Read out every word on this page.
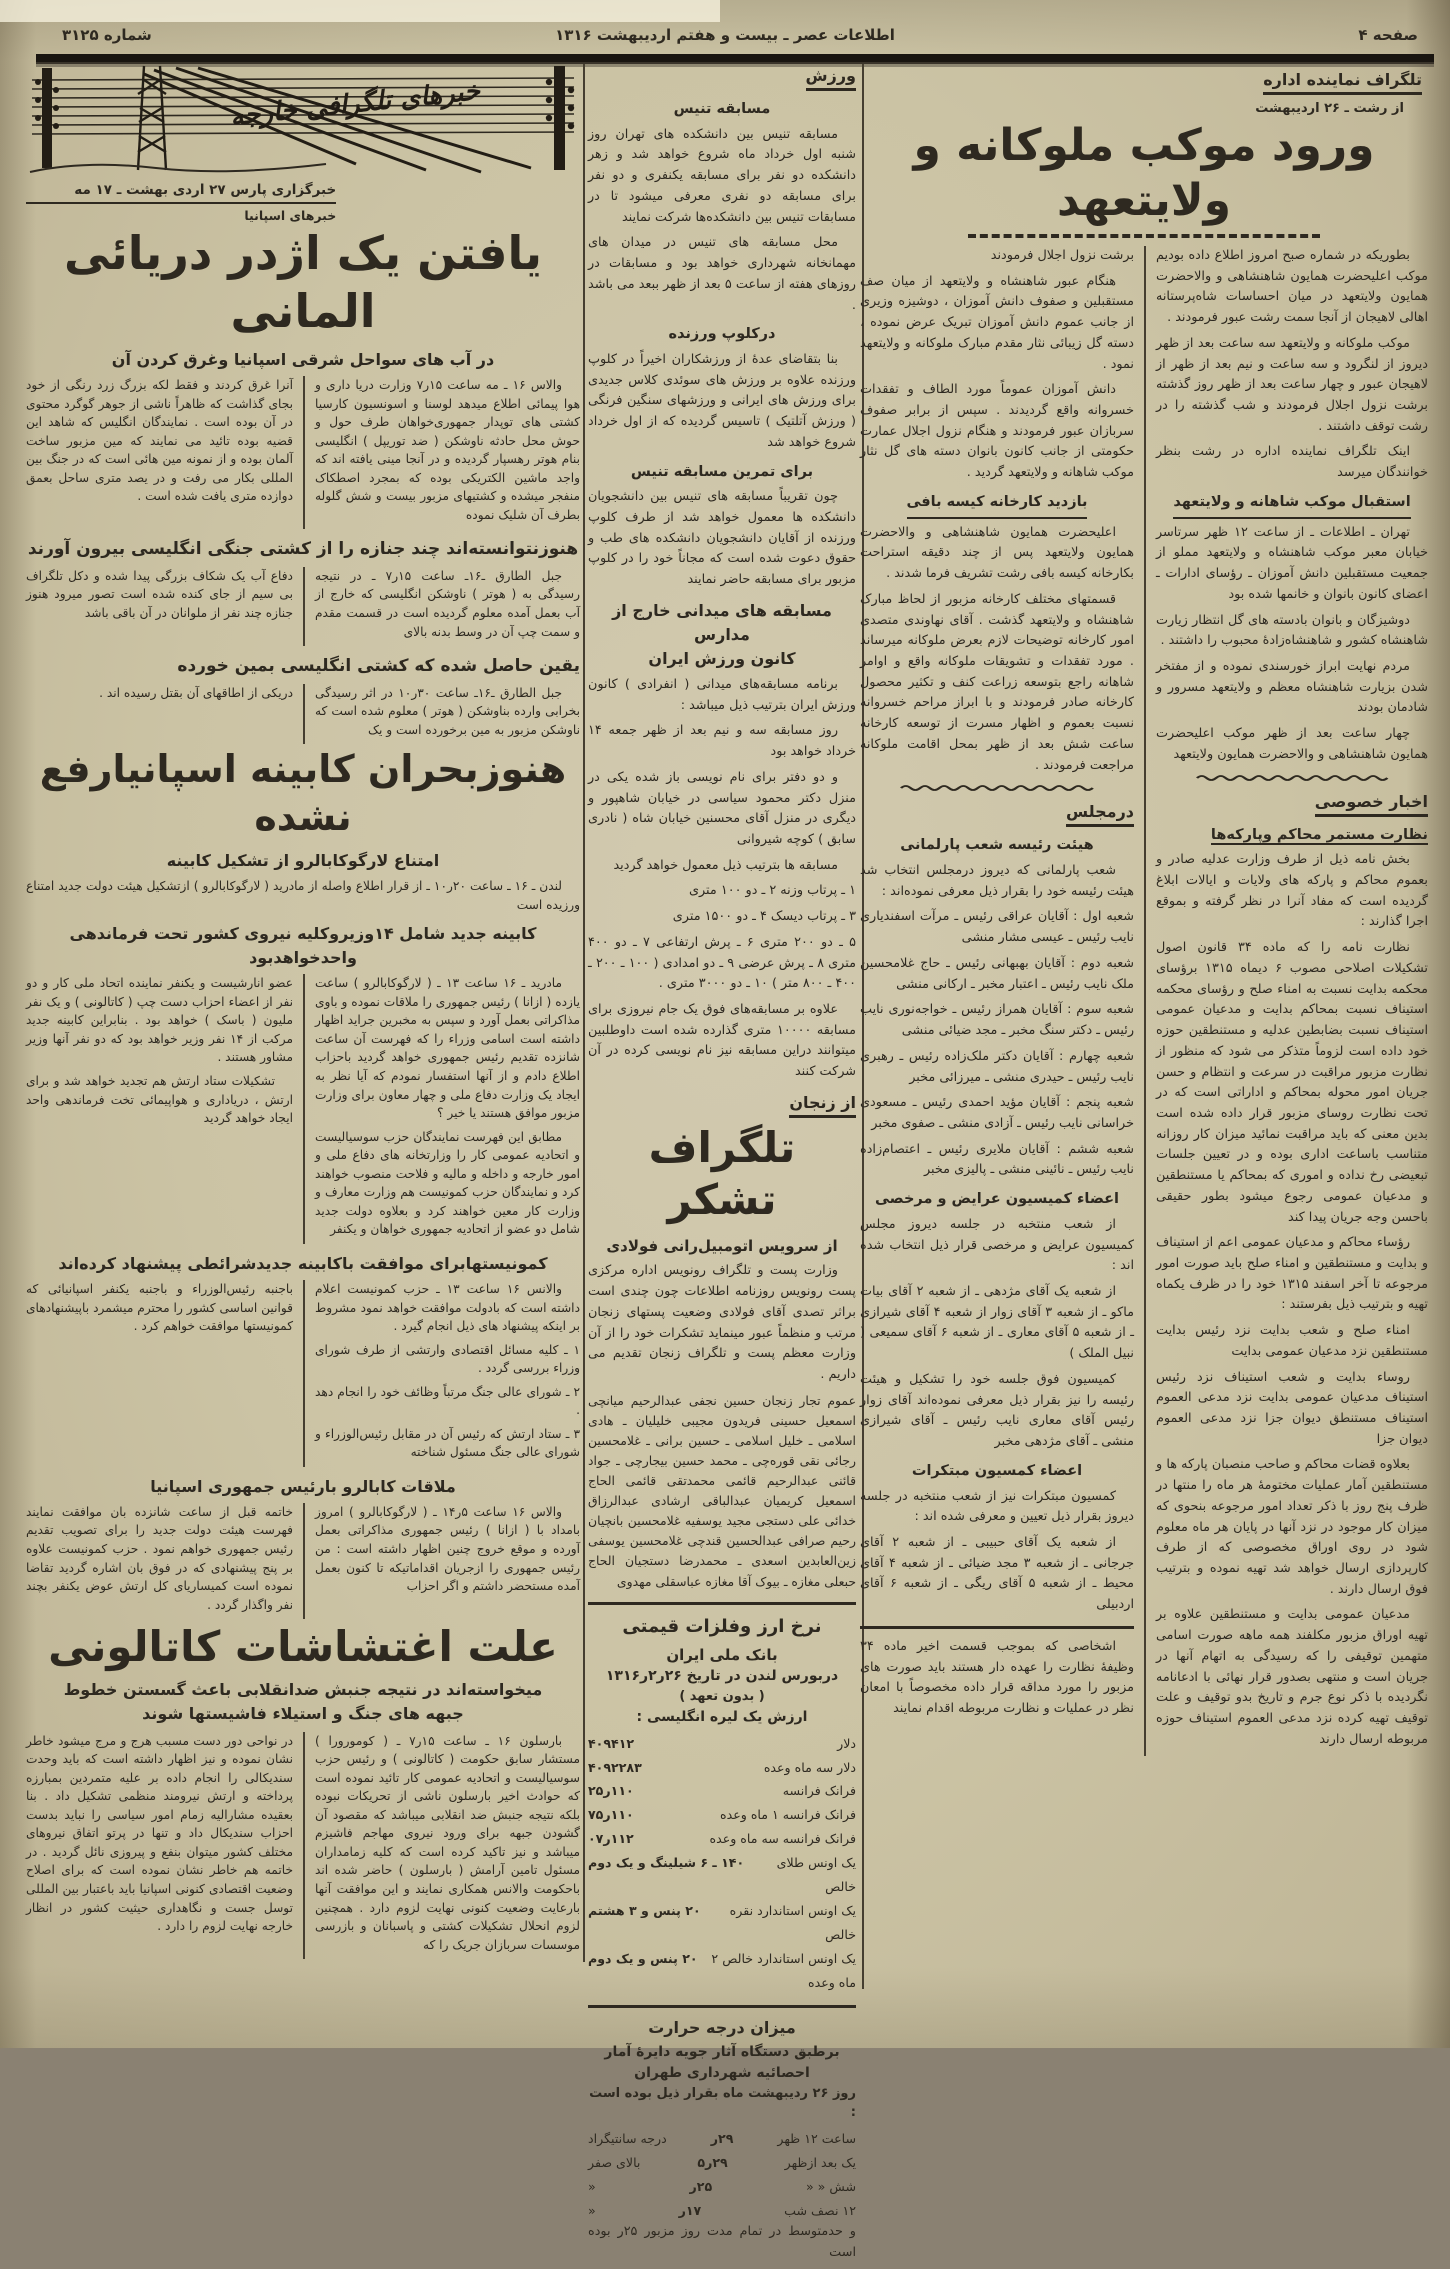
صفحه ۴
اطلاعات عصر ـ بیست و هفتم اردیبهشت ۱۳۱۶
شماره ۳۱۲۵
تلگراف نماینده اداره
از رشت ـ ۲۶ اردیبهشت
ورود موکب ملوکانه و ولایتعهد

بطوریکه در شماره صبح امروز اطلاع داده بودیم موکب اعلیحضرت همایون شاهنشاهی و والاحضرت همایون ولایتعهد در میان احساسات شاه‌پرستانه اهالی لاهیجان از آنجا سمت رشت عبور فرمودند .

موکب ملوکانه و ولایتعهد سه ساعت بعد از ظهر دیروز از لنگرود و سه ساعت و نیم بعد از ظهر از لاهیجان عبور و چهار ساعت بعد از ظهر روز گذشته برشت نزول اجلال فرمودند و شب گذشته را در رشت توقف داشتند .

اینک تلگراف نماینده اداره در رشت بنظر خوانندگان میرسد

استقبال موکب شاهانه و ولایتعهد

تهران ـ اطلاعات ـ از ساعت ۱۲ ظهر سرتاسر خیابان معبر موکب شاهنشاه و ولایتعهد مملو از جمعیت مستقبلین دانش آموزان ـ رؤسای ادارات ـ اعضای کانون بانوان و خانمها شده بود

دوشیزگان و بانوان بادسته های گل انتظار زیارت شاهنشاه کشور و شاهنشاه‌زادهٔ محبوب را داشتند .

مردم نهایت ابراز خورسندی نموده و از مفتخر شدن بزیارت شاهنشاه معظم و ولایتعهد مسرور و شادمان بودند

چهار ساعت بعد از ظهر موکب اعلیحضرت همایون شاهنشاهی و والاحضرت همایون ولایتعهد

اخبار خصوصی
نظارت مستمر محاکم وپارکه‌ها

بخش نامه ذیل از طرف وزارت عدلیه صادر و بعموم محاکم و پارکه های ولایات و ایالات ابلاغ گردیده است که مفاد آنرا در نظر گرفته و بموقع اجرا گذارند :

نظارت نامه را که ماده ۳۴ قانون اصول تشکیلات اصلاحی مصوب ۶ دیماه ۱۳۱۵ برؤسای محکمه بدایت نسبت به امناء صلح و رؤسای محکمه استیناف نسبت بمحاکم بدایت و مدعیان عمومی استیناف نسبت بضابطین عدلیه و مستنطقین حوزه خود داده است لزوماً متذکر می شود که منظور از نظارت مزبور مراقبت در سرعت و انتظام و حسن جریان امور محوله بمحاکم و اداراتی است که در تحت نظارت روسای مزبور قرار داده شده است بدین معنی که باید مراقبت نمائید میزان کار روزانه متناسب باساعت اداری بوده و در تعیین جلسات تبعیضی رخ نداده و اموری که بمحاکم یا مستنطقین و مدعیان عمومی رجوع میشود بطور حقیقی باحسن وجه جریان پیدا کند

رؤساء محاکم و مدعیان عمومی اعم از استیناف و بدایت و مستنطقین و امناء صلح باید صورت امور مرجوعه تا آخر اسفند ۱۳۱۵ خود را در ظرف یکماه تهیه و بترتیب ذیل بفرستند :

امناء صلح و شعب بدایت نزد رئیس بدایت مستنطقین نزد مدعیان عمومی بدایت

روساء بدایت و شعب استیناف نزد رئیس استیناف مدعیان عمومی بدایت نزد مدعی العموم استیناف مستنطق دیوان جزا نزد مدعی العموم دیوان جزا

بعلاوه قضات محاکم و صاحب منصبان پارکه ها و مستنطقین آمار عملیات مختومهٔ هر ماه را منتها در ظرف پنج روز با ذکر تعداد امور مرجوعه بنحوی که میزان کار موجود در نزد آنها در پایان هر ماه معلوم شود در روی اوراق مخصوصی که از طرف کارپردازی ارسال خواهد شد تهیه نموده و بترتیب فوق ارسال دارند .

مدعیان عمومی بدایت و مستنطقین علاوه بر تهیه اوراق مزبور مکلفند همه ماهه صورت اسامی متهمین توقیفی را که رسیدگی به اتهام آنها در جریان است و منتهی بصدور قرار نهائی با ادعانامه نگردیده با ذکر نوع جرم و تاریخ بدو توقیف و علت توقیف تهیه کرده نزد مدعی العموم استیناف حوزه مربوطه ارسال دارند

برشت نزول اجلال فرمودند

هنگام عبور شاهنشاه و ولایتعهد از میان صف مستقبلین و صفوف دانش آموزان ، دوشیزه وزیری از جانب عموم دانش آموزان تبریک عرض نموده ، دسته گل زیبائی نثار مقدم مبارک ملوکانه و ولایتعهد نمود .

دانش آموزان عموماً مورد الطاف و تفقدات خسروانه واقع گردیدند . سپس از برابر صفوف سربازان عبور فرمودند و هنگام نزول اجلال عمارت حکومتی از جانب کانون بانوان دسته های گل نثار موکب شاهانه و ولایتعهد گردید .

بازدید کارخانه کیسه بافی

اعلیحضرت همایون شاهنشاهی و والاحضرت همایون ولایتعهد پس از چند دقیقه استراحت بکارخانه کیسه بافی رشت تشریف فرما شدند .

قسمتهای مختلف کارخانه مزبور از لحاظ مبارک شاهنشاه و ولایتعهد گذشت . آقای نهاوندی متصدی امور کارخانه توضیحات لازم بعرض ملوکانه میرساند . مورد تفقدات و تشویقات ملوکانه واقع و اوامر شاهانه راجع بتوسعه زراعت کنف و تکثیر محصول کارخانه صادر فرمودند و با ابراز مراحم خسروانه نسبت بعموم و اظهار مسرت از توسعه کارخانه ساعت شش بعد از ظهر بمحل اقامت ملوکانه مراجعت فرمودند .

درمجلس
هیئت رئیسه شعب پارلمانی

شعب پارلمانی که دیروز درمجلس انتخاب شد هیئت رئیسه خود را بقرار ذیل معرفی نموده‌اند :

شعبه اول : آقایان عراقی رئیس ـ مرآت اسفندیاری نایب رئیس ـ عیسی مشار منشی

شعبه دوم : آقایان بهبهانی رئیس ـ حاج غلامحسین ملک نایب رئیس ـ اعتبار مخبر ـ ارکانی منشی

شعبه سوم : آقایان همراز رئیس ـ خواجه‌نوری نایب رئیس ـ دکتر سنگ مخبر ـ مجد ضیائی منشی

شعبه چهارم : آقایان دکتر ملک‌زاده رئیس ـ رهبری نایب رئیس ـ حیدری منشی ـ میرزائی مخبر

شعبه پنجم : آقایان مؤید احمدی رئیس ـ مسعودی خراسانی نایب رئیس ـ آزادی منشی ـ صفوی مخبر

شعبه ششم : آقایان ملایری رئیس ـ اعتصام‌زاده نایب رئیس ـ نائینی منشی ـ پالیزی مخبر

اعضاء کمیسیون عرایض و مرخصی

از شعب منتخبه در جلسه دیروز مجلس کمیسیون عرایض و مرخصی قرار ذیل انتخاب شده اند :

از شعبه یک آقای مژدهی ـ از شعبه ۲ آقای بیات ماکو ـ از شعبه ۳ آقای زوار از شعبه ۴ آقای شیرازی ـ از شعبه ۵ آقای معاری ـ از شعبه ۶ آقای سمیعی ( نبیل الملک )

کمیسیون فوق جلسه خود را تشکیل و هیئت رئیسه را نیز بقرار ذیل معرفی نموده‌اند آقای زوار رئیس آقای معاری نایب رئیس ـ آقای شیرازی منشی ـ آقای مژدهی مخبر

اعضاء کمسیون مبتکرات

کمسیون مبتکرات نیز از شعب منتخبه در جلسه دیروز بقرار ذیل تعیین و معرفی شده اند :

از شعبه یک آقای حبیبی ـ از شعبه ۲ آقای جرجانی ـ از شعبه ۳ مجد ضیائی ـ از شعبه ۴ آقای محیط ـ از شعبه ۵ آقای ریگی ـ از شعبه ۶ آقای اردبیلی

اشخاصی که بموجب قسمت اخیر ماده ۳۴ وظیفهٔ نظارت را عهده دار هستند باید صورت های مزبور را مورد مداقه قرار داده مخصوصاً با امعان نظر در عملیات و نظارت مربوطه اقدام نمایند

ورزش
مسابقه تنیس

مسابقه تنیس بین دانشکده های تهران روز شنبه اول خرداد ماه شروع خواهد شد و زهر دانشکده دو نفر برای مسابقه یکنفری و دو نفر برای مسابقه دو نفری معرفی میشود تا در مسابقات تنیس بین دانشکده‌ها شرکت نمایند

محل مسابقه های تنیس در میدان های مهمانخانه شهرداری خواهد بود و مسابقات در روزهای هفته از ساعت ۵ بعد از ظهر ببعد می باشد .

درکلوپ ورزنده

بنا بتقاضای عدهٔ از ورزشکاران اخیراً در کلوپ ورزنده علاوه بر ورزش های سوئدی کلاس جدیدی برای ورزش های ایرانی و ورزشهای سنگین فرنگی ( ورزش آتلتیک ) تاسیس گردیده که از اول خرداد شروع خواهد شد

برای تمرین مسابقه تنیس

چون تقریباً مسابقه های تنیس بین دانشجویان دانشکده ها معمول خواهد شد از طرف کلوپ ورزنده از آقایان دانشجویان دانشکده های طب و حقوق دعوت شده است که مجاناً خود را در کلوپ مزبور برای مسابقه حاضر نمایند

مسابقه های میدانی خارج از مدارس
کانون ورزش ایران

برنامه مسابقه‌های میدانی ( انفرادی ) کانون ورزش ایران بترتیب ذیل میباشد :

روز مسابقه سه و نیم بعد از ظهر جمعه ۱۴ خرداد خواهد بود

و دو دفتر برای نام نویسی باز شده یکی در منزل دکتر محمود سیاسی در خیابان شاهپور و دیگری در منزل آقای محسنین خیابان شاه ( نادری سابق ) کوچه شیروانی

مسابقه ها بترتیب ذیل معمول خواهد گردید

۱ ـ پرتاب وزنه ۲ ـ دو ۱۰۰ متری

۳ ـ پرتاب دیسک ۴ ـ دو ۱۵۰۰ متری

۵ ـ دو ۲۰۰ متری ۶ ـ پرش ارتفاعی ۷ ـ دو ۴۰۰ متری ۸ ـ پرش عرضی ۹ ـ دو امدادی ( ۱۰۰ ـ ۲۰۰ ـ ۴۰۰ ـ ۸۰۰ متر ) ۱۰ ـ دو ۳۰۰۰ متری .

علاوه بر مسابقه‌های فوق یک جام نیروزی برای مسابقه ۱۰۰۰۰ متری گذارده شده است داوطلبین میتوانند دراین مسابقه نیز نام نویسی کرده در آن شرکت کنند

از زنجان
تلگراف تشکر
از سرویس اتومبیل‌رانی فولادی

وزارت پست و تلگراف رونویس اداره مرکزی پست رونویس روزنامه اطلاعات چون چندی است براثر تصدی آقای فولادی وضعیت پستهای زنجان مرتب و منظماً عبور مینماید تشکرات خود را از آن وزارت معظم پست و تلگراف زنجان تقدیم می داریم .

عموم تجار زنجان حسین نجفی عبدالرحیم میانچی اسمعیل حسینی فریدون مجیبی خلیلیان ـ هادی اسلامی ـ خلیل اسلامی ـ حسین برانی ـ غلامحسین رجائی نقی قوره‌چی ـ محمد حسین بیجارچی ـ جواد قائنی عبدالرحیم قائمی محمدتقی قائمی الحاج اسمعیل کریمیان عبدالباقی ارشادی عبدالرزاق خدائی علی دستجی مجید یوسفیه غلامحسین بانچیان رحیم صرافی عبدالحسین قندچی غلامحسین یوسفی زین‌العابدین اسعدی ـ محمدرضا دستجیان الحاج حبعلی مغازه ـ بیوک آقا مغازه عباسقلی مهدوی

نرخ ارز وفلزات قیمتی
بانک ملی ایران
دربورس لندن در تاریخ ۲۶ر۲ر۱۳۱۶
( بدون تعهد )
ارزش یک لیره انگلیسی :
دلار
۴۰۹۴۱۲
دلار سه ماه وعده
۴۰۹۲۲۸۳
فرانک فرانسه
۱۱۰ر۲۵
فرانک فرانسه ۱ ماه وعده
۱۱۰ر۷۵
فرانک فرانسه سه ماه وعده
۱۱۲ر۰۷
یک اونس طلای خالص
۱۴۰ ـ ۶ شیلینگ و یک دوم
یک اونس استاندارد نقره خالص
۲۰ پنس و ۳ هشتم
یک اونس استاندارد خالص ۲ ماه وعده
۲۰ پنس و یک دوم
میزان درجه حرارت
برطبق دستگاه آثار جویه دایرهٔ آمار
احصائیه شهرداری طهران
روز ۲۶ ردیبهشت ماه بقرار ذیل بوده است :
ساعت ۱۲ ظهر
۲۹ر
درجه سانتیگراد
یک بعد ازظهر
۲۹ر۵
بالای صفر
شش « «
۲۵ر
«
۱۲ نصف شب
۱۷ر
«

و حدمتوسط در تمام مدت روز مزبور ۲۵ر بوده است

خبرهای تلگرافی خارجه
خبرگزاری پارس ۲۷ اردی بهشت ـ ۱۷ مه
خبرهای اسپانیا
یافتن یک اژدر دریائی المانی
در آب های سواحل شرقی اسپانیا وغرق کردن آن

والاس ۱۶ ـ مه ساعت ۱۵ر۷ وزارت دریا داری و هوا پیمائی اطلاع میدهد لوسنا و اسونسیون کارسیا کشتی های توپدار جمهوری‌خواهان طرف حول و حوش محل حادثه ناوشکن ( ضد توریپل ) انگلیسی بنام هوتر رهسپار گردیده و در آنجا مینی یافته اند که واجد ماشین الکتریکی بوده که بمجرد اصطکاک منفجر میشده و کشتیهای مزبور بیست و شش گلوله بطرف آن شلیک نموده

آنرا غرق کردند و فقط لکه بزرگ زرد رنگی از خود بجای گذاشت که ظاهراً ناشی از جوهر گوگرد محتوی در آن بوده است . نمایندگان انگلیس که شاهد این قضیه بوده تائید می نمایند که مین مزبور ساخت آلمان بوده و از نمونه مین هائی است که در جنگ بین المللی بکار می رفت و در یصد متری ساحل بعمق دوازده متری یافت شده است .

هنوزنتوانسته‌اند چند جنازه را از کشتی جنگی انگلیسی بیرون آورند

جبل الطارق ـ۱۶ـ ساعت ۱۵ر۷ ـ در نتیجه رسیدگی به ( هوتر ) ناوشکن انگلیسی که خارج از آب بعمل آمده معلوم گردیده است در قسمت مقدم و سمت چپ آن در وسط بدنه بالای

دفاع آب یک شکاف بزرگی پیدا شده و دکل تلگراف بی سیم از جای کنده شده است تصور میرود هنوز جنازه چند نفر از ملوانان در آن باقی باشد

یقین حاصل شده که کشتی انگلیسی بمین خورده

جبل الطارق ـ۱۶ـ ساعت ۳۰ر۱۰ در اثر رسیدگی بخرابی وارده بناوشکن ( هوتر ) معلوم شده است که ناوشکن مزبور به مین برخورده است و یک

دریکی از اطاقهای آن بقتل رسیده اند .

هنوزبحران کابینه اسپانیارفع نشده
امتناع لارگوکابالرو از تشکیل کابینه

لندن ـ ۱۶ ـ ساعت ۲۰ر۱۰ ـ از قرار اطلاع واصله از مادرید ( لارگوکابالرو ) ازتشکیل هیئت دولت جدید امتناع ورزیده است

کابینه جدید شامل ۱۴وزیروکلیه نیروی کشور تحت فرماندهی واحدخواهدبود

مادرید ـ ۱۶ ساعت ۱۳ ـ ( لارگوکابالرو ) ساعت یازده ( ازانا ) رئیس جمهوری را ملاقات نموده و باوی مذاکراتی بعمل آورد و سپس به مخبرین جراید اظهار داشته است اسامی وزراء را که فهرست آن ساعت شانزده تقدیم رئیس جمهوری خواهد گردید باحزاب اطلاع دادم و از آنها استفسار نمودم که آیا نظر به ایجاد یک وزارت دفاع ملی و چهار معاون برای وزارت مزبور موافق هستند یا خیر ؟

مطابق این فهرست نمایندگان حزب سوسیالیست و اتحادیه عمومی کار را وزارتخانه های دفاع ملی و امور خارجه و داخله و مالیه و فلاحت منصوب خواهند کرد و نمایندگان حزب کمونیست هم وزارت معارف و وزارت کار معین خواهند کرد و بعلاوه دولت جدید شامل دو عضو از اتحادیه جمهوری خواهان و یکنفر

عضو انارشیست و یکنفر نماینده اتحاد ملی کار و دو نفر از اعضاء احزاب دست چپ ( کاتالونی ) و یک نفر ملیون ( باسک ) خواهد بود . بنابراین کابینه جدید مرکب از ۱۴ نفر وزیر خواهد بود که دو نفر آنها وزیر مشاور هستند .

تشکیلات ستاد ارتش هم تجدید خواهد شد و برای ارتش ، دریاداری و هواپیمائی تخت فرماندهی واحد ایجاد خواهد گردید

کمونیستهابرای موافقت باکابینه جدیدشرائطی پیشنهاد کرده‌اند

والانس ۱۶ ساعت ۱۳ ـ حزب کمونیست اعلام داشته است که بادولت موافقت خواهد نمود مشروط بر اینکه پیشنهاد های ذیل انجام گیرد .

۱ ـ کلیه مسائل اقتصادی وارتشی از طرف شورای وزراء بررسی گردد .

۲ ـ شورای عالی جنگ مرتباً وظائف خود را انجام دهد .

۳ ـ ستاد ارتش که رئیس آن در مقابل رئیس‌الوزراء و شورای عالی جنگ مسئول شناخته

باجنبه رئیس‌الوزراء و باجنبه یکنفر اسپانیائی که قوانین اساسی کشور را محترم میشمرد باپیشنهادهای کمونیستها موافقت خواهم کرد .

ملاقات کابالرو بارئیس جمهوری اسپانیا

والاس ۱۶ ساعت ۵ر۱۴ ـ ( لارگوکابالرو ) امروز بامداد با ( ازانا ) رئیس جمهوری مذاکراتی بعمل آورده و موقع خروج چنین اظهار داشته است : من رئیس جمهوری را ازجریان اقداماتیکه تا کنون بعمل آمده مستحضر داشتم و اگر احزاب

خاتمه قبل از ساعت شانزده بان موافقت نمایند فهرست هیئت دولت جدید را برای تصویب تقدیم رئیس جمهوری خواهم نمود . حزب کمونیست علاوه بر پنج پیشنهادی که در فوق بان اشاره گردید تقاضا نموده است کمیساریای کل ارتش عوض یکنفر بچند نفر واگذار گردد .

علت اغتشاشات کاتالونی
میخواسته‌اند در نتیجه جنبش ضدانقلابی باعث گسستن خطوط جبهه های جنگ و استیلاء فاشیستها شوند

بارسلون ۱۶ ـ ساعت ۱۵ر۷ ـ ( کومورورا ) مستشار سابق حکومت ( کاتالونی ) و رئیس حزب سوسیالیست و اتحادیه عمومی کار تائید نموده است که حوادث اخیر بارسلون ناشی از تحریکات نبوده بلکه نتیجه جنبش ضد انقلابی میباشد که مقصود آن گشودن جبهه برای ورود نیروی مهاجم فاشیزم میباشد و نیز تاکید کرده است که کلیه زمامداران مسئول تامین آرامش ( بارسلون ) حاضر شده اند باحکومت والانس همکاری نمایند و این موافقت آنها بارعایت وضعیت کنونی نهایت لزوم دارد . همچنین لزوم انحلال تشکیلات کشتی و پاسبانان و بازرسی موسسات سربازان جریک را که

در نواحی دور دست مسبب هرج و مرج میشود خاطر نشان نموده و نیز اظهار داشته است که باید وحدت سندیکالی را انجام داده بر علیه متمردین بمبارزه پرداخته و ارتش نیرومند منظمی تشکیل داد . بنا بعقیده مشارالیه زمام امور سیاسی را نباید بدست احزاب سندیکال داد و تنها در پرتو اتفاق نیروهای مختلف کشور میتوان بنفع و پیروزی نائل گردید . در خاتمه هم خاطر نشان نموده است که برای اصلاح وضعیت اقتصادی کنونی اسپانیا باید باعتبار بین المللی توسل جست و نگاهداری حیثیت کشور در انظار خارجه نهایت لزوم را دارد .
